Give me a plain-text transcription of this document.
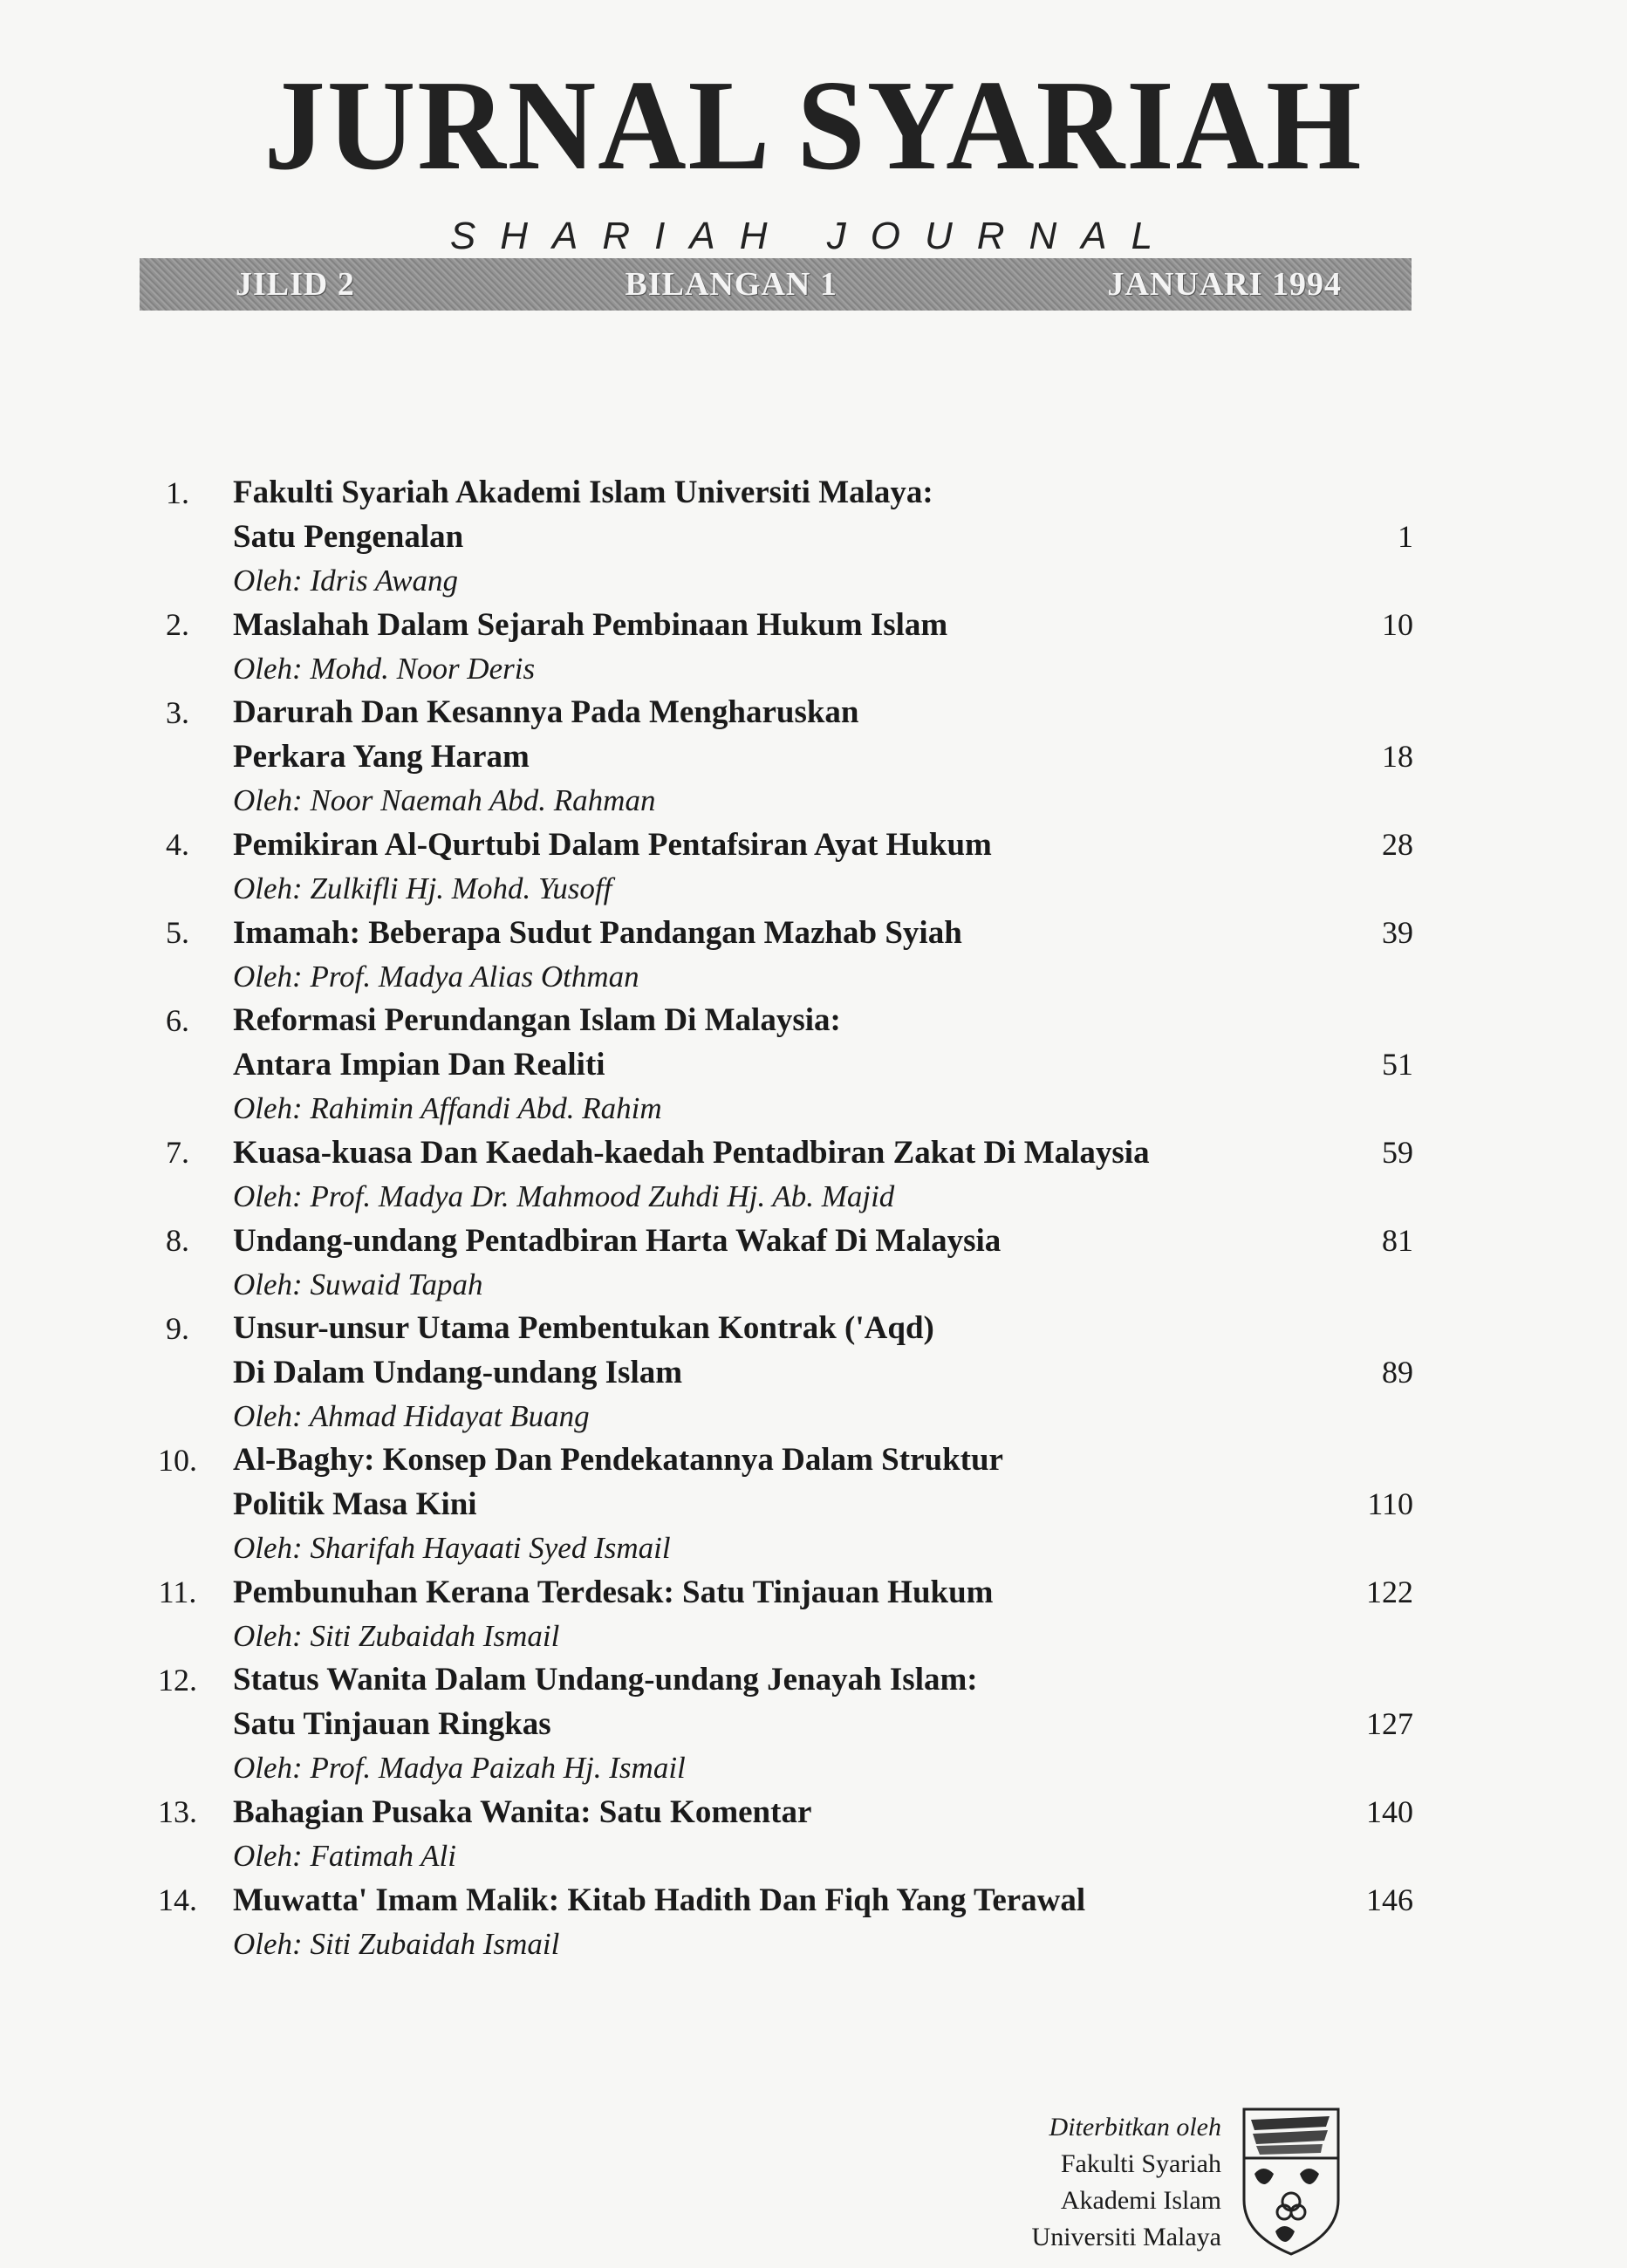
JURNAL SYARIAH
SHARIAH JOURNAL
JILID 2	BILANGAN 1	JANUARI 1994
1.	Fakulti Syariah Akademi Islam Universiti Malaya:
Satu Pengenalan	1
Oleh: Idris Awang
2.	Maslahah Dalam Sejarah Pembinaan Hukum Islam	10
Oleh: Mohd. Noor Deris
3.	Darurah Dan Kesannya Pada Mengharuskan
Perkara Yang Haram	18
Oleh: Noor Naemah Abd. Rahman
4.	Pemikiran Al-Qurtubi Dalam Pentafsiran Ayat Hukum	28
Oleh: Zulkifli Hj. Mohd. Yusoff
5.	Imamah: Beberapa Sudut Pandangan Mazhab Syiah	39
Oleh: Prof. Madya Alias Othman
6.	Reformasi Perundangan Islam Di Malaysia:
Antara Impian Dan Realiti	51
Oleh: Rahimin Affandi Abd. Rahim
7.	Kuasa-kuasa Dan Kaedah-kaedah Pentadbiran Zakat Di Malaysia	59
Oleh: Prof. Madya Dr. Mahmood Zuhdi Hj. Ab. Majid
8.	Undang-undang Pentadbiran Harta Wakaf Di Malaysia	81
Oleh: Suwaid Tapah
9.	Unsur-unsur Utama Pembentukan Kontrak ('Aqd)
Di Dalam Undang-undang Islam	89
Oleh: Ahmad Hidayat Buang
10.	Al-Baghy: Konsep Dan Pendekatannya Dalam Struktur
Politik Masa Kini	110
Oleh: Sharifah Hayaati Syed Ismail
11.	Pembunuhan Kerana Terdesak: Satu Tinjauan Hukum	122
Oleh: Siti Zubaidah Ismail
12.	Status Wanita Dalam Undang-undang Jenayah Islam:
Satu Tinjauan Ringkas	127
Oleh: Prof. Madya Paizah Hj. Ismail
13.	Bahagian Pusaka Wanita: Satu Komentar	140
Oleh: Fatimah Ali
14.	Muwatta' Imam Malik: Kitab Hadith Dan Fiqh Yang Terawal	146
Oleh: Siti Zubaidah Ismail
Diterbitkan oleh
Fakulti Syariah
Akademi Islam
Universiti Malaya
